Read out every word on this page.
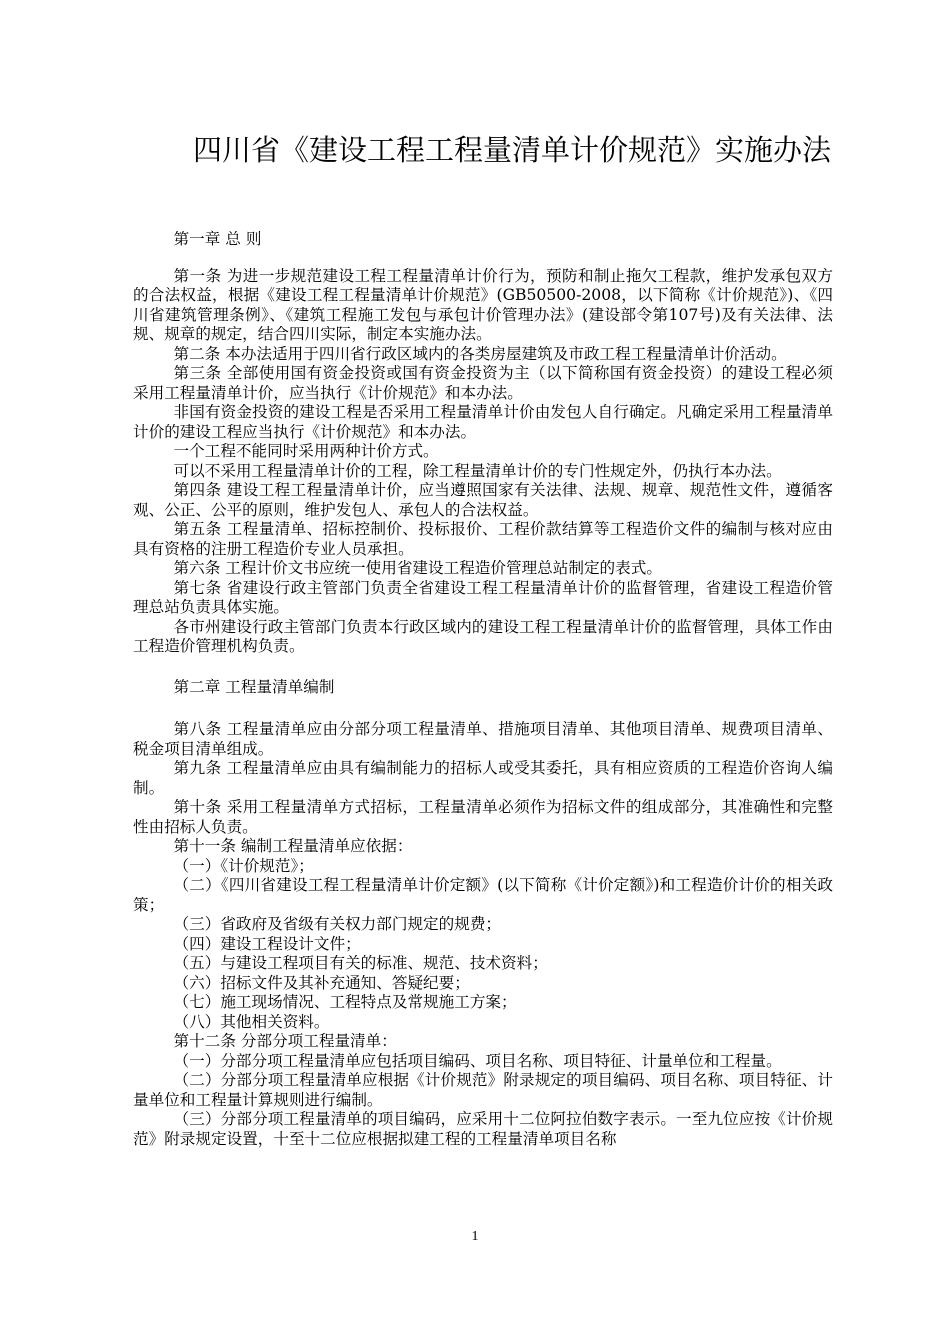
四川省《建设工程工程量清单计价规范》实施办法

第一章 总 则

第一条 为进一步规范建设工程工程量清单计价行为，预防和制止拖欠工程款，维护发承包双方的合法权益，根据《建设工程工程量清单计价规范》(GB50500-2008，以下简称《计价规范》)、《四川省建筑管理条例》、《建筑工程施工发包与承包计价管理办法》(建设部令第107号)及有关法律、法规、规章的规定，结合四川实际，制定本实施办法。

第二条 本办法适用于四川省行政区域内的各类房屋建筑及市政工程工程量清单计价活动。

第三条 全部使用国有资金投资或国有资金投资为主（以下简称国有资金投资）的建设工程必须采用工程量清单计价，应当执行《计价规范》和本办法。

非国有资金投资的建设工程是否采用工程量清单计价由发包人自行确定。凡确定采用工程量清单计价的建设工程应当执行《计价规范》和本办法。

一个工程不能同时采用两种计价方式。

可以不采用工程量清单计价的工程，除工程量清单计价的专门性规定外，仍执行本办法。

第四条 建设工程工程量清单计价，应当遵照国家有关法律、法规、规章、规范性文件，遵循客观、公正、公平的原则，维护发包人、承包人的合法权益。

第五条 工程量清单、招标控制价、投标报价、工程价款结算等工程造价文件的编制与核对应由具有资格的注册工程造价专业人员承担。

第六条 工程计价文书应统一使用省建设工程造价管理总站制定的表式。

第七条 省建设行政主管部门负责全省建设工程工程量清单计价的监督管理，省建设工程造价管理总站负责具体实施。

各市州建设行政主管部门负责本行政区域内的建设工程工程量清单计价的监督管理，具体工作由工程造价管理机构负责。

第二章 工程量清单编制

第八条 工程量清单应由分部分项工程量清单、措施项目清单、其他项目清单、规费项目清单、税金项目清单组成。

第九条 工程量清单应由具有编制能力的招标人或受其委托，具有相应资质的工程造价咨询人编制。

第十条 采用工程量清单方式招标，工程量清单必须作为招标文件的组成部分，其准确性和完整性由招标人负责。

第十一条 编制工程量清单应依据：

（一）《计价规范》；

（二）《四川省建设工程工程量清单计价定额》(以下简称《计价定额》)和工程造价计价的相关政策；

（三）省政府及省级有关权力部门规定的规费；

（四）建设工程设计文件；

（五）与建设工程项目有关的标准、规范、技术资料；

（六）招标文件及其补充通知、答疑纪要；

（七）施工现场情况、工程特点及常规施工方案；

（八）其他相关资料。

第十二条 分部分项工程量清单：

（一）分部分项工程量清单应包括项目编码、项目名称、项目特征、计量单位和工程量。

（二）分部分项工程量清单应根据《计价规范》附录规定的项目编码、项目名称、项目特征、计量单位和工程量计算规则进行编制。

（三）分部分项工程量清单的项目编码，应采用十二位阿拉伯数字表示。一至九位应按《计价规范》附录规定设置，十至十二位应根据拟建工程的工程量清单项目名称

1
